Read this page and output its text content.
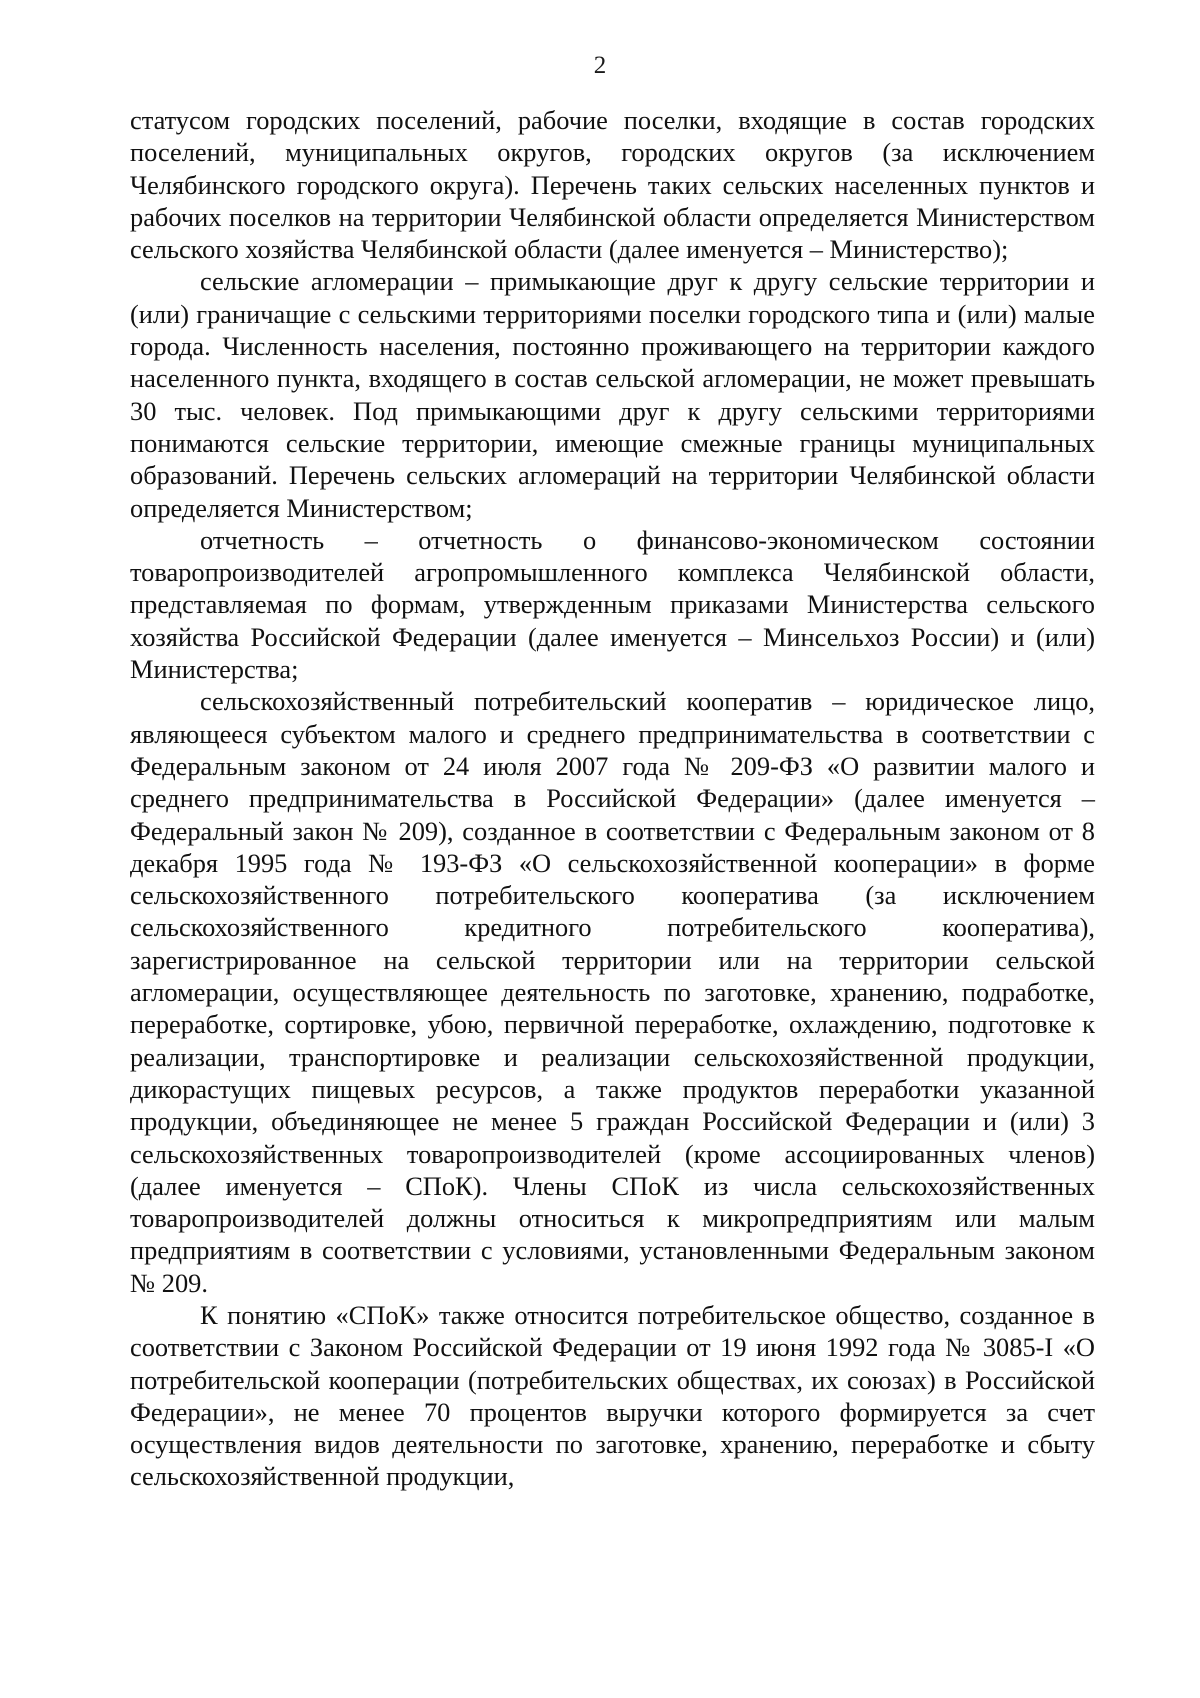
2

статусом городских поселений, рабочие поселки, входящие в состав городских поселений, муниципальных округов, городских округов (за исключением Челябинского городского округа). Перечень таких сельских населенных пунктов и рабочих поселков на территории Челябинской области определяется Министерством сельского хозяйства Челябинской области (далее именуется – Министерство);

сельские агломерации – примыкающие друг к другу сельские территории и (или) граничащие с сельскими территориями поселки городского типа и (или) малые города. Численность населения, постоянно проживающего на территории каждого населенного пункта, входящего в состав сельской агломерации, не может превышать 30 тыс. человек. Под примыкающими друг к другу сельскими территориями понимаются сельские территории, имеющие смежные границы муниципальных образований. Перечень сельских агломераций на территории Челябинской области определяется Министерством;

отчетность – отчетность о финансово-экономическом состоянии товаропроизводителей агропромышленного комплекса Челябинской области, представляемая по формам, утвержденным приказами Министерства сельского хозяйства Российской Федерации (далее именуется – Минсельхоз России) и (или) Министерства;

сельскохозяйственный потребительский кооператив – юридическое лицо, являющееся субъектом малого и среднего предпринимательства в соответствии с Федеральным законом от 24 июля 2007 года № 209-ФЗ «О развитии малого и среднего предпринимательства в Российской Федерации» (далее именуется – Федеральный закон № 209), созданное в соответствии с Федеральным законом от 8 декабря 1995 года № 193-ФЗ «О сельскохозяйственной кооперации» в форме сельскохозяйственного потребительского кооператива (за исключением сельскохозяйственного кредитного потребительского кооператива), зарегистрированное на сельской территории или на территории сельской агломерации, осуществляющее деятельность по заготовке, хранению, подработке, переработке, сортировке, убою, первичной переработке, охлаждению, подготовке к реализации, транспортировке и реализации сельскохозяйственной продукции, дикорастущих пищевых ресурсов, а также продуктов переработки указанной продукции, объединяющее не менее 5 граждан Российской Федерации и (или) 3 сельскохозяйственных товаропроизводителей (кроме ассоциированных членов) (далее именуется – СПоК). Члены СПоК из числа сельскохозяйственных товаропроизводителей должны относиться к микропредприятиям или малым предприятиям в соответствии с условиями, установленными Федеральным законом № 209.

К понятию «СПоК» также относится потребительское общество, созданное в соответствии с Законом Российской Федерации от 19 июня 1992 года № 3085-I «О потребительской кооперации (потребительских обществах, их союзах) в Российской Федерации», не менее 70 процентов выручки которого формируется за счет осуществления видов деятельности по заготовке, хранению, переработке и сбыту сельскохозяйственной продукции,
